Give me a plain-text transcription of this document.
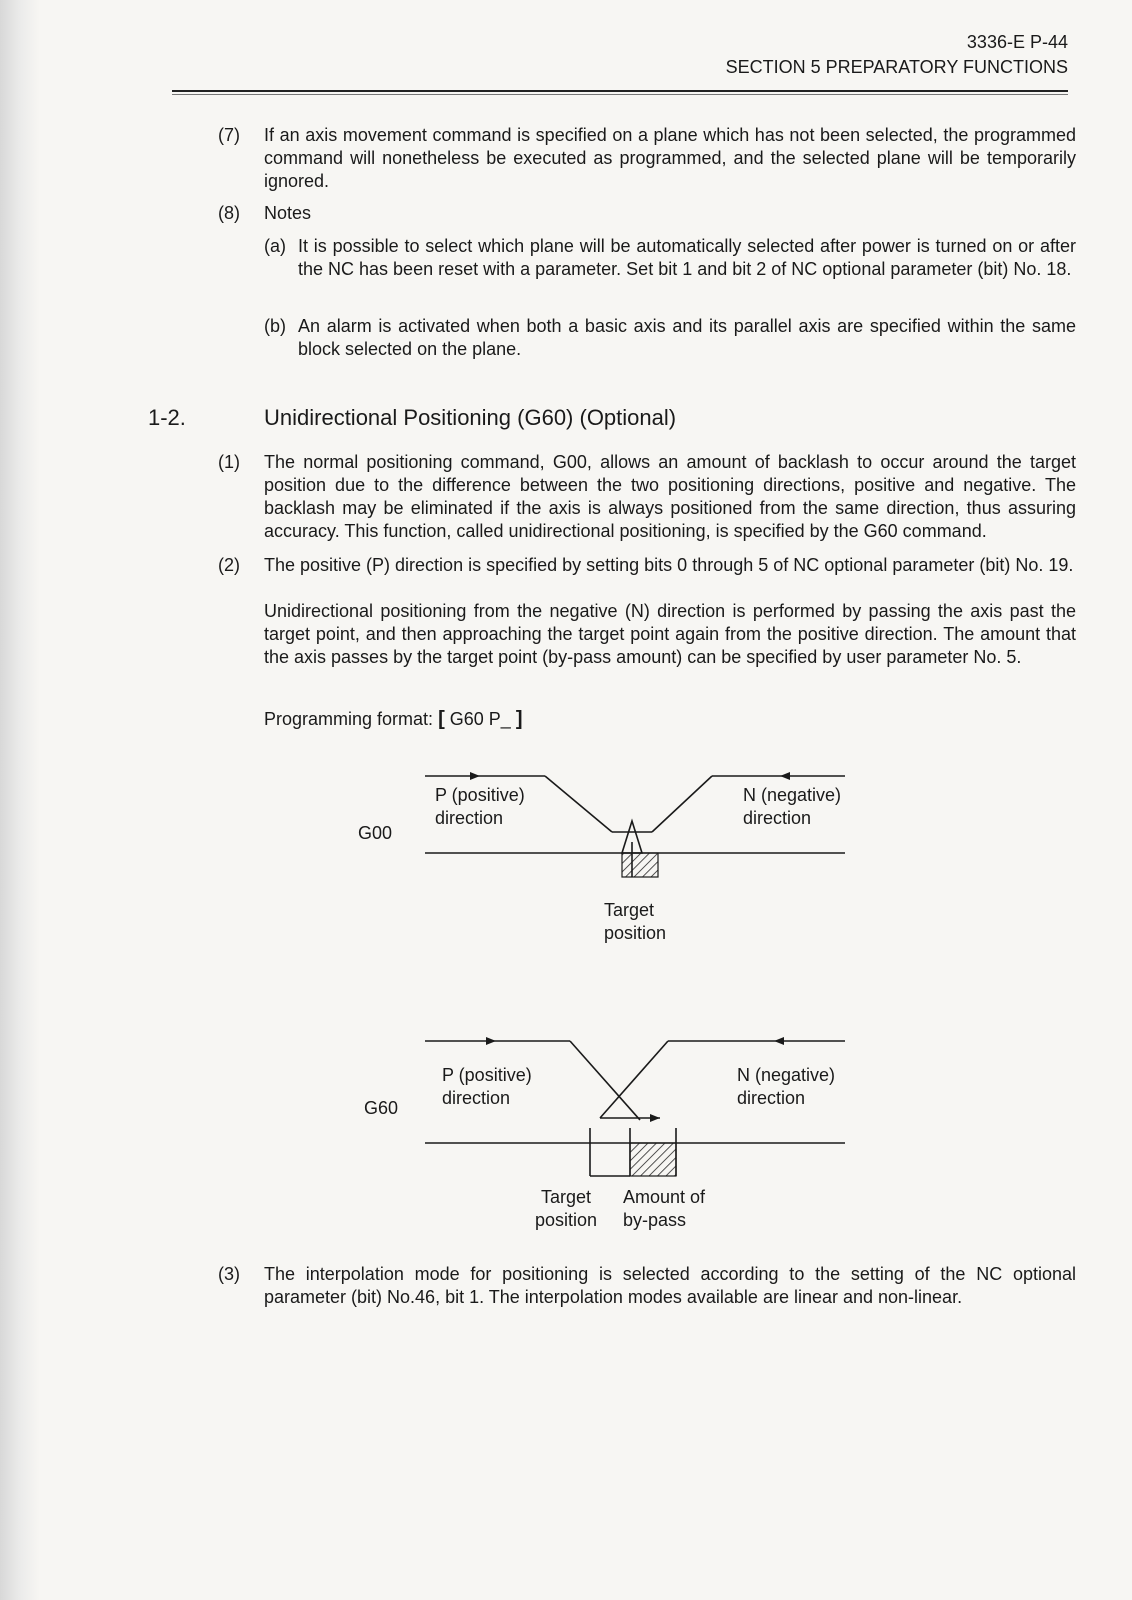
3336-E P-44
SECTION 5 PREPARATORY FUNCTIONS
(7) If an axis movement command is specified on a plane which has not been selected, the programmed command will nonetheless be executed as programmed, and the selected plane will be temporarily ignored.
(8) Notes
(a) It is possible to select which plane will be automatically selected after power is turned on or after the NC has been reset with a parameter. Set bit 1 and bit 2 of NC optional parameter (bit) No. 18.
(b) An alarm is activated when both a basic axis and its parallel axis are specified within the same block selected on the plane.
1-2.	Unidirectional Positioning (G60) (Optional)
(1) The normal positioning command, G00, allows an amount of backlash to occur around the target position due to the difference between the two positioning directions, positive and negative. The backlash may be eliminated if the axis is always positioned from the same direction, thus assuring accuracy. This function, called unidirectional positioning, is specified by the G60 command.
(2) The positive (P) direction is specified by setting bits 0 through 5 of NC optional parameter (bit) No. 19.
Unidirectional positioning from the negative (N) direction is performed by passing the axis past the target point, and then approaching the target point again from the positive direction. The amount that the axis passes by the target point (by-pass amount) can be specified by user parameter No. 5.
Programming format: [ G60 P_ ]
G00
P (positive)
direction
N (negative)
direction
Target
position
G60
P (positive)
direction
N (negative)
direction
Target
position
Amount of
by-pass
(3) The interpolation mode for positioning is selected according to the setting of the NC optional parameter (bit) No.46, bit 1. The interpolation modes available are linear and non-linear.
